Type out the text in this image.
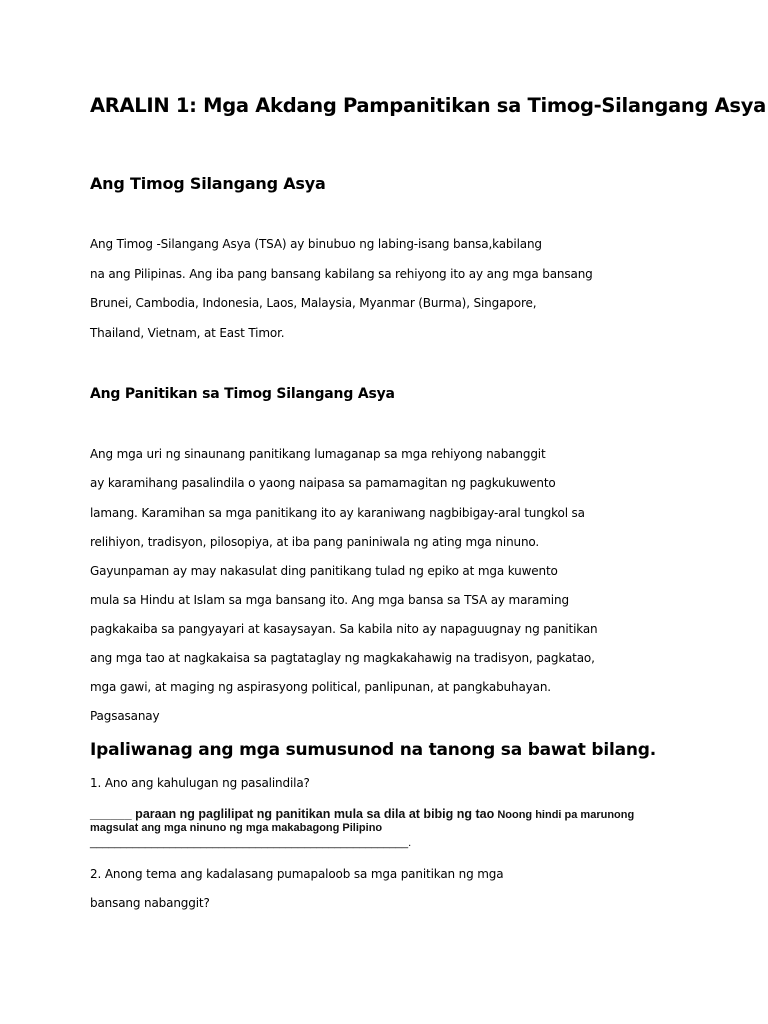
ARALIN 1: Mga Akdang Pampanitikan sa Timog-Silangang Asya
Ang Timog Silangang Asya
Ang Timog -Silangang Asya (TSA) ay binubuo ng labing-isang bansa,kabilang
na ang Pilipinas. Ang iba pang bansang kabilang sa rehiyong ito ay ang mga bansang
Brunei, Cambodia, Indonesia, Laos, Malaysia, Myanmar (Burma), Singapore,
Thailand, Vietnam, at East Timor.
Ang Panitikan sa Timog Silangang Asya
Ang mga uri ng sinaunang panitikang lumaganap sa mga rehiyong nabanggit
ay karamihang pasalindila o yaong naipasa sa pamamagitan ng pagkukuwento
lamang. Karamihan sa mga panitikang ito ay karaniwang nagbibigay-aral tungkol sa
relihiyon, tradisyon, pilosopiya, at iba pang paniniwala ng ating mga ninuno.
Gayunpaman ay may nakasulat ding panitikang tulad ng epiko at mga kuwento
mula sa Hindu at Islam sa mga bansang ito. Ang mga bansa sa TSA ay maraming
pagkakaiba sa pangyayari at kasaysayan. Sa kabila nito ay napaguugnay ng panitikan
ang mga tao at nagkakaisa sa pagtataglay ng magkakahawig na tradisyon, pagkatao,
mga gawi, at maging ng aspirasyong political, panlipunan, at pangkabuhayan.
Pagsasanay
Ipaliwanag ang mga sumusunod na tanong sa bawat bilang.
1. Ano ang kahulugan ng pasalindila?
______ paraan ng paglilipat ng panitikan mula sa dila at bibig ng tao Noong hindi pa marunong
magsulat ang mga ninuno ng mga makabagong Pilipino
____________________________________________________.
2. Anong tema ang kadalasang pumapaloob sa mga panitikan ng mga
bansang nabanggit?
